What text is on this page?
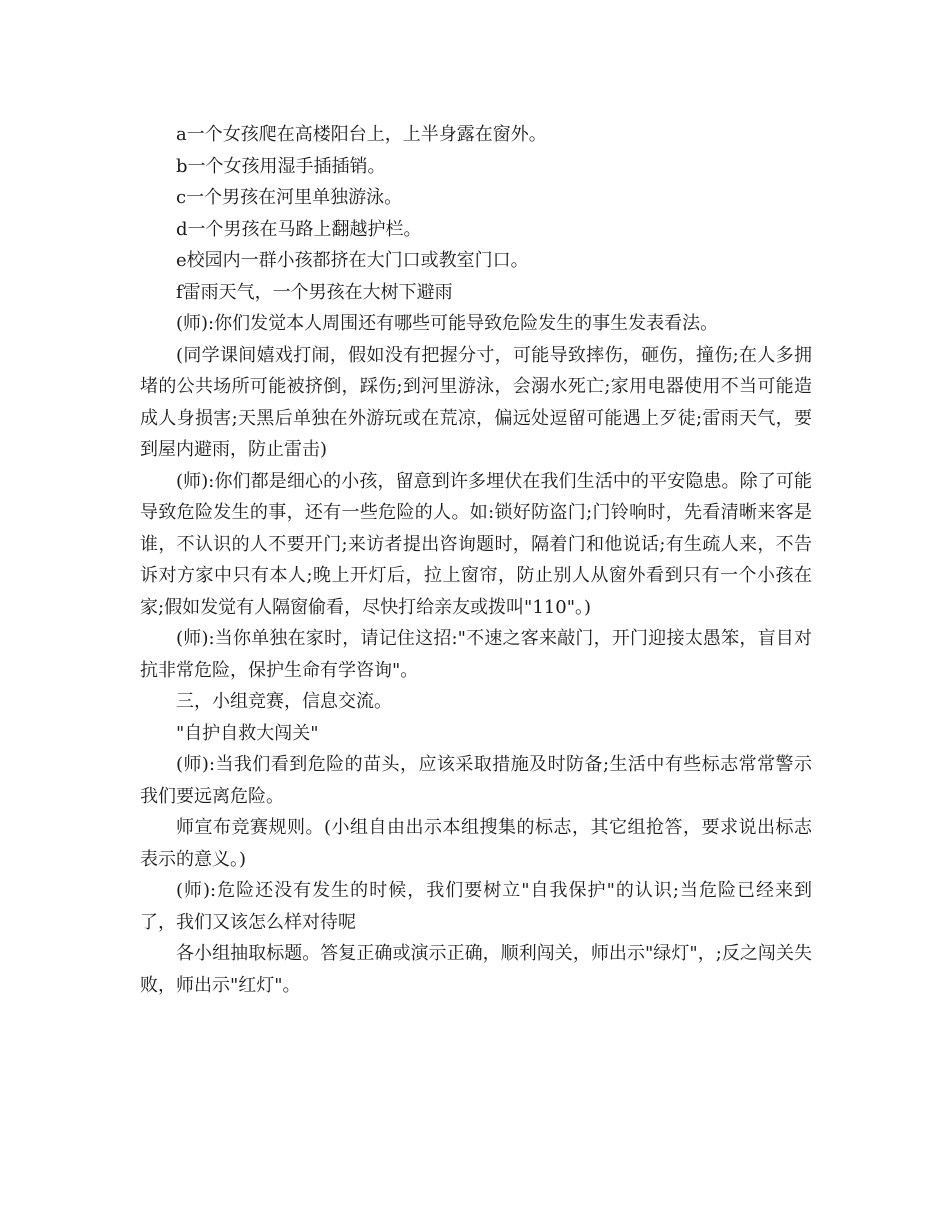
a一个女孩爬在高楼阳台上，上半身露在窗外。

b一个女孩用湿手插插销。

c一个男孩在河里单独游泳。

d一个男孩在马路上翻越护栏。

e校园内一群小孩都挤在大门口或教室门口。

f雷雨天气，一个男孩在大树下避雨

(师):你们发觉本人周围还有哪些可能导致危险发生的事生发表看法。

(同学课间嬉戏打闹，假如没有把握分寸，可能导致摔伤，砸伤，撞伤;在人多拥堵的公共场所可能被挤倒，踩伤;到河里游泳，会溺水死亡;家用电器使用不当可能造成人身损害;天黑后单独在外游玩或在荒凉，偏远处逗留可能遇上歹徒;雷雨天气，要到屋内避雨，防止雷击)

(师):你们都是细心的小孩，留意到许多埋伏在我们生活中的平安隐患。除了可能导致危险发生的事，还有一些危险的人。如:锁好防盗门;门铃响时，先看清晰来客是谁，不认识的人不要开门;来访者提出咨询题时，隔着门和他说话;有生疏人来，不告诉对方家中只有本人;晚上开灯后，拉上窗帘，防止别人从窗外看到只有一个小孩在家;假如发觉有人隔窗偷看，尽快打给亲友或拨叫"110"。)

(师):当你单独在家时，请记住这招:"不速之客来敲门，开门迎接太愚笨，盲目对抗非常危险，保护生命有学咨询"。

三，小组竞赛，信息交流。

"自护自救大闯关"

(师):当我们看到危险的苗头，应该采取措施及时防备;生活中有些标志常常警示我们要远离危险。

师宣布竞赛规则。(小组自由出示本组搜集的标志，其它组抢答，要求说出标志表示的意义。)

(师):危险还没有发生的时候，我们要树立"自我保护"的认识;当危险已经来到了，我们又该怎么样对待呢

各小组抽取标题。答复正确或演示正确，顺利闯关，师出示"绿灯"，;反之闯关失败，师出示"红灯"。
